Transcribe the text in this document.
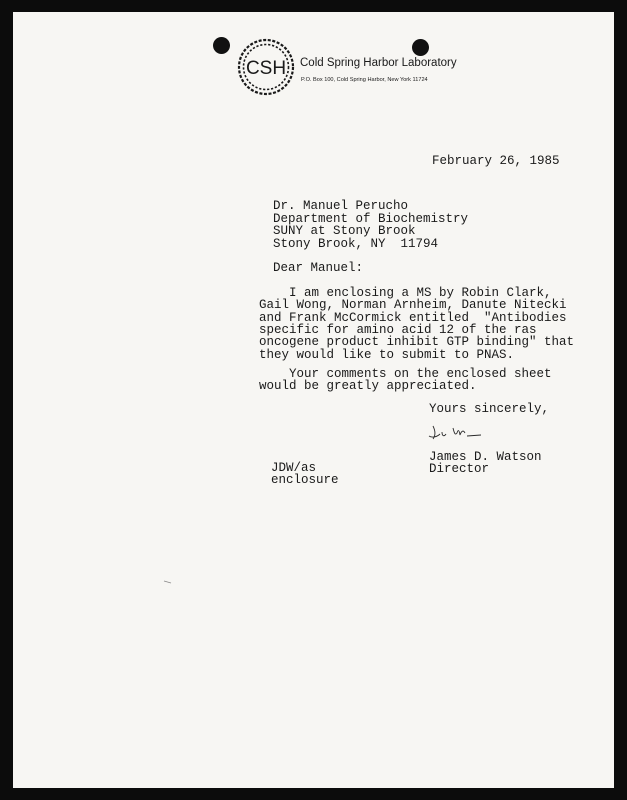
CSH Cold Spring Harbor Laboratory
P.O. Box 100, Cold Spring Harbor, New York 11724
February 26, 1985
Dr. Manuel Perucho
Department of Biochemistry
SUNY at Stony Brook
Stony Brook, NY  11794
Dear Manuel:
I am enclosing a MS by Robin Clark,
Gail Wong, Norman Arnheim, Danute Nitecki
and Frank McCormick entitled  "Antibodies
specific for amino acid 12 of the ras
oncogene product inhibit GTP binding" that
they would like to submit to PNAS.
Your comments on the enclosed sheet
would be greatly appreciated.
Yours sincerely,
James D. Watson
Director
JDW/as
enclosure
